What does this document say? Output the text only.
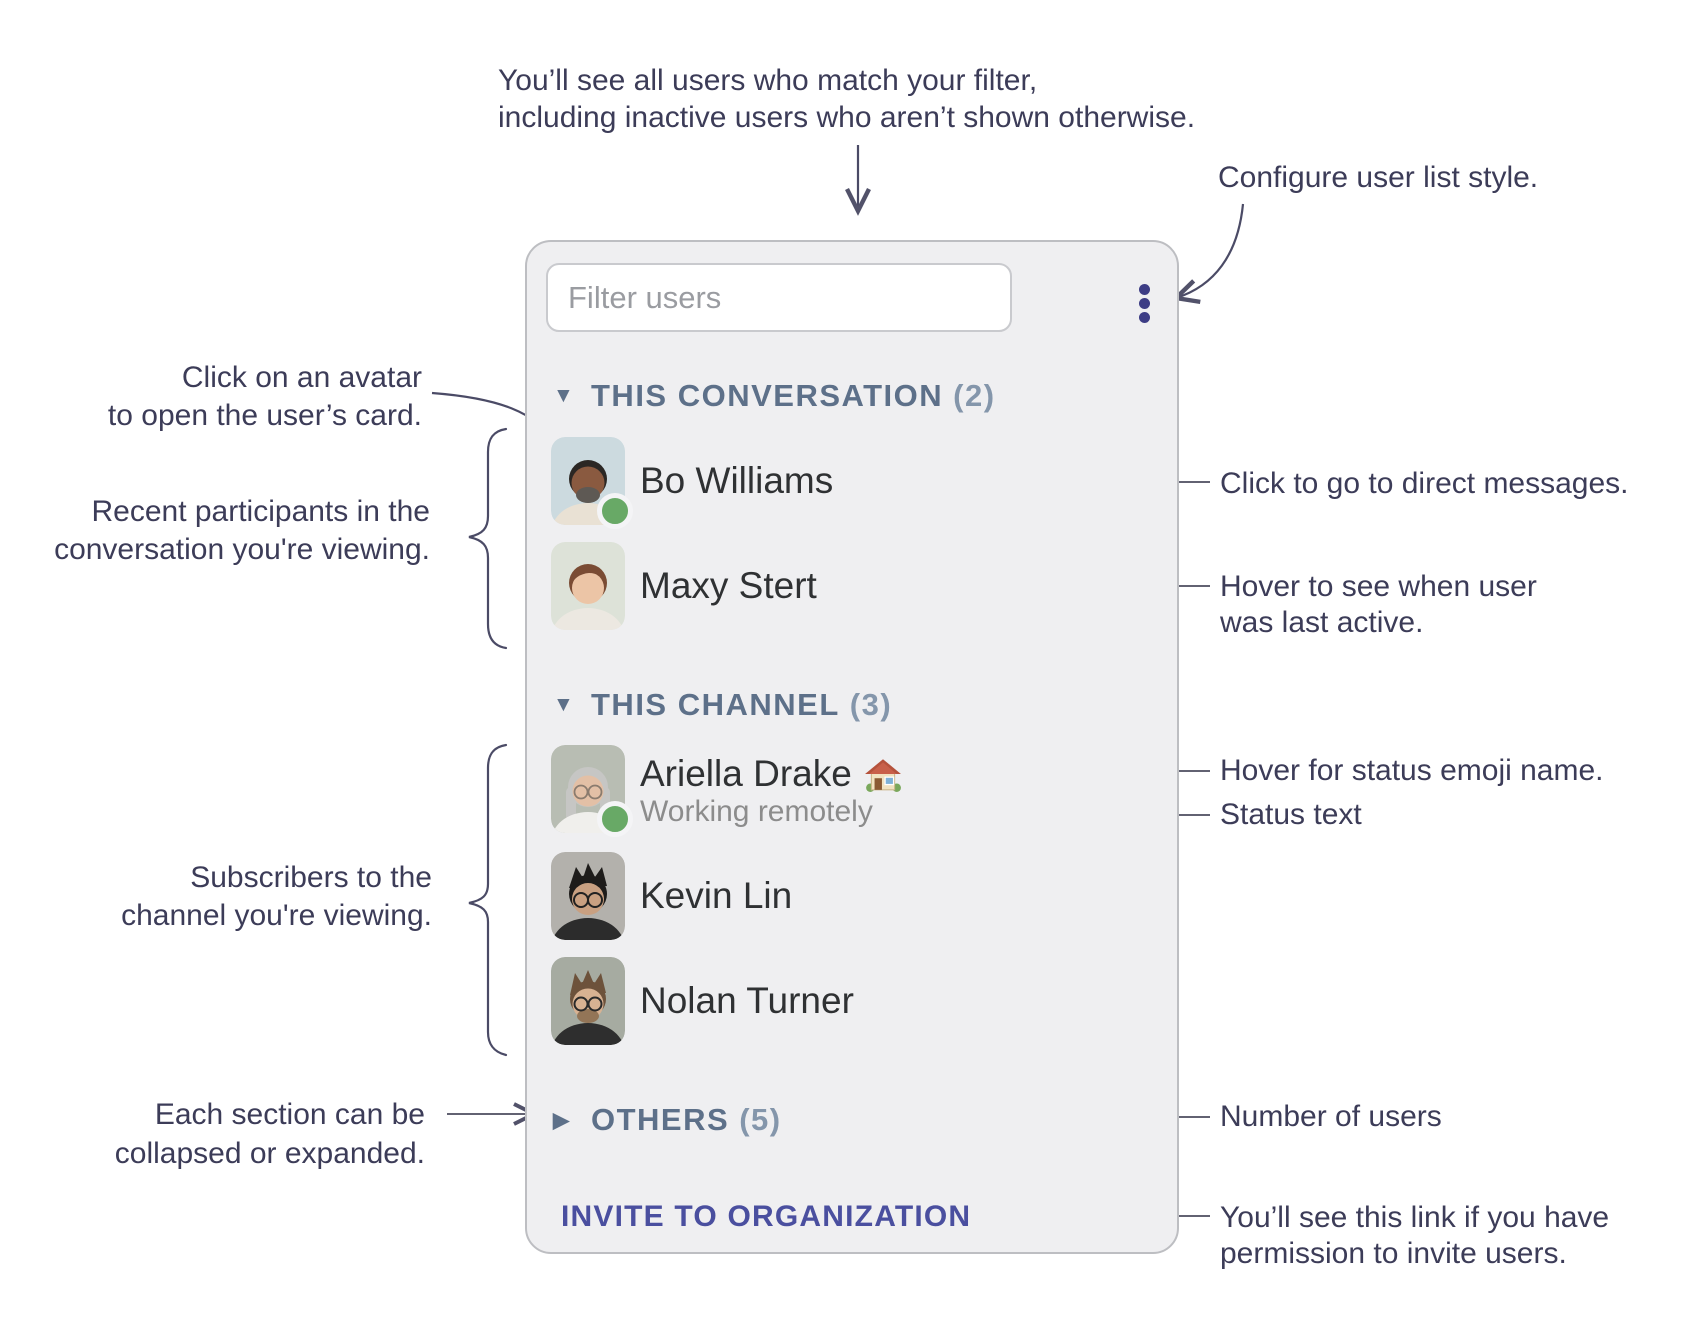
You’ll see all users who match your filter,
including inactive users who aren’t shown otherwise.
Configure user list style.
Click on an avatar
to open the user’s card.
Recent participants in the
conversation you're viewing.
Click to go to direct messages.
Hover to see when user
was last active.
Hover for status emoji name.
Status text
Subscribers to the
channel you're viewing.
Each section can be
collapsed or expanded.
Number of users
You’ll see this link if you have
permission to invite users.
Filter users
▼ THIS CONVERSATION (2)
Bo Williams
Maxy Stert
▼ THIS CHANNEL (3)
Ariella Drake
Working remotely
Kevin Lin
Nolan Turner
▶ OTHERS (5)
INVITE TO ORGANIZATION
